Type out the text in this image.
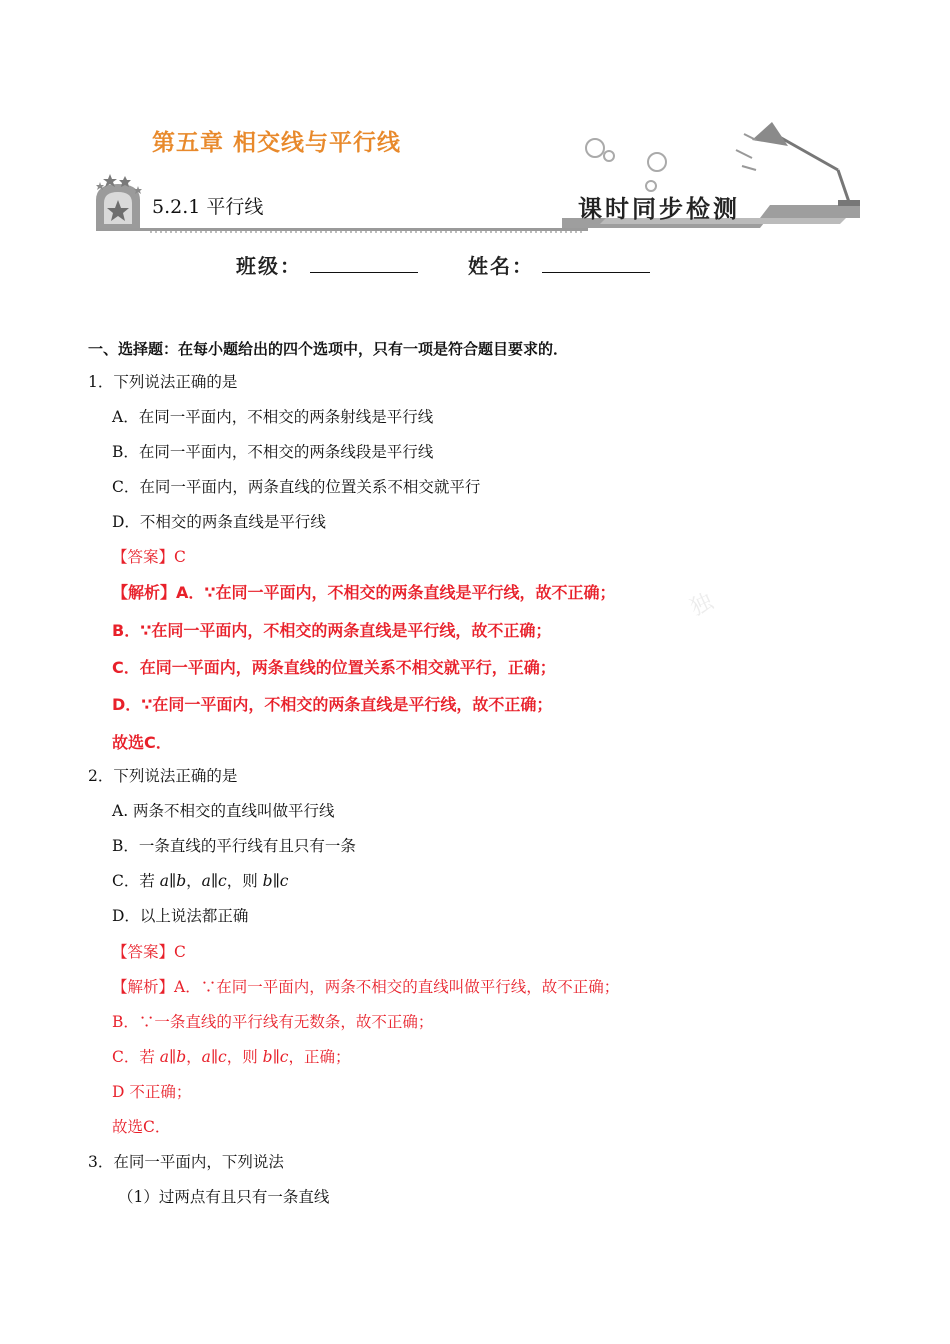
第五章 相交线与平行线
5.2.1 平行线	课时同步检测
班级：	姓名：
独
一、选择题：在每小题给出的四个选项中，只有一项是符合题目要求的．
1．下列说法正确的是
A．在同一平面内，不相交的两条射线是平行线
B．在同一平面内，不相交的两条线段是平行线
C．在同一平面内，两条直线的位置关系不相交就平行
D．不相交的两条直线是平行线
【答案】C
【解析】A．∵在同一平面内，不相交的两条直线是平行线，故不正确；
B．∵在同一平面内，不相交的两条直线是平行线，故不正确；
C．在同一平面内，两条直线的位置关系不相交就平行，正确；
D．∵在同一平面内，不相交的两条直线是平行线，故不正确；
故选C．
2．下列说法正确的是
A. 两条不相交的直线叫做平行线
B．一条直线的平行线有且只有一条
C．若 a∥b，a∥c，则 b∥c
D．以上说法都正确
【答案】C
【解析】A．∵在同一平面内，两条不相交的直线叫做平行线，故不正确；
B．∵一条直线的平行线有无数条，故不正确；
C．若 a∥b，a∥c，则 b∥c，正确；
D 不正确；
故选C．
3．在同一平面内，下列说法
（1）过两点有且只有一条直线
